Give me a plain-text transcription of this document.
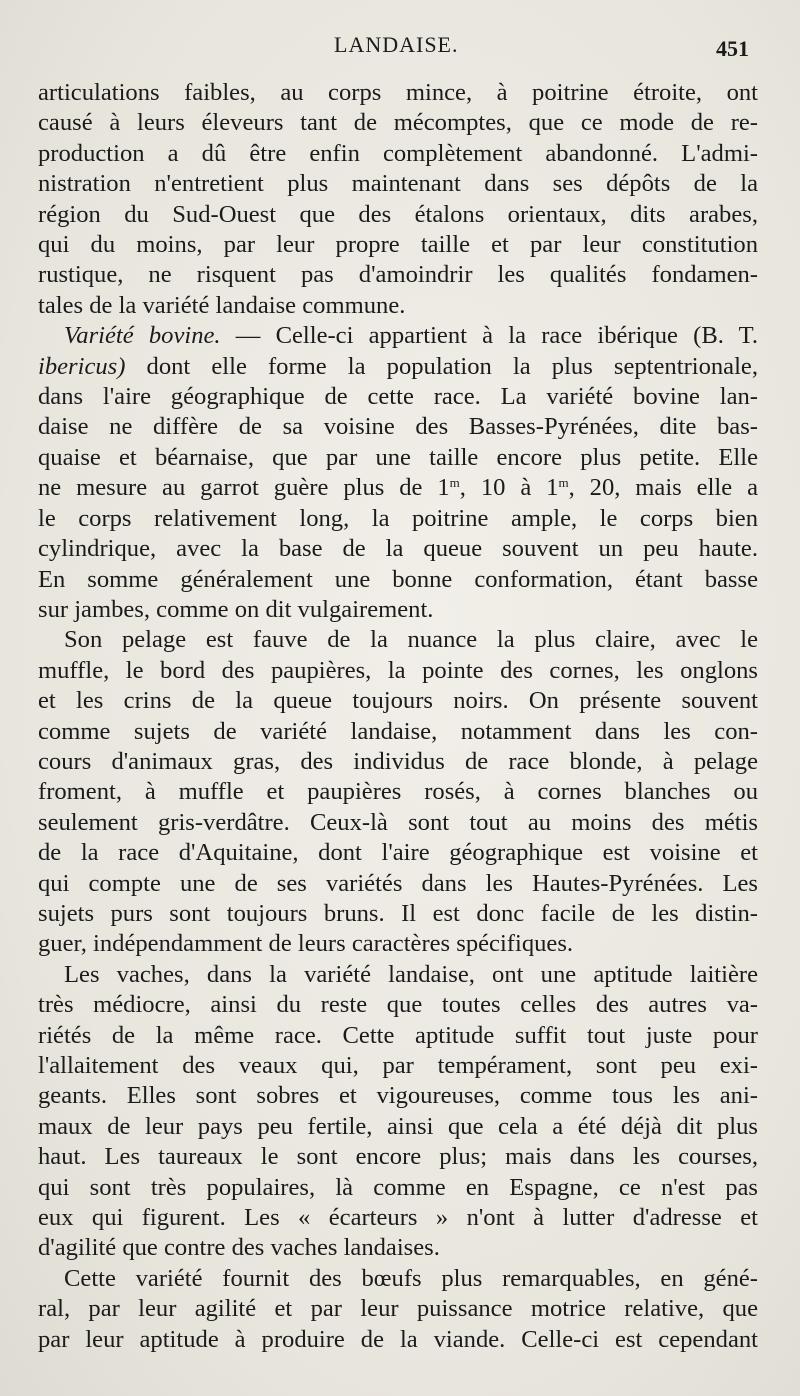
LANDAISE.	451
articulations faibles, au corps mince, à poitrine étroite, ont
causé à leurs éleveurs tant de mécomptes, que ce mode de re-
production a dû être enfin complètement abandonné. L'admi-
nistration n'entretient plus maintenant dans ses dépôts de la
région du Sud-Ouest que des étalons orientaux, dits arabes,
qui du moins, par leur propre taille et par leur constitution
rustique, ne risquent pas d'amoindrir les qualités fondamen-
tales de la variété landaise commune.
Variété bovine. — Celle-ci appartient à la race ibérique (B. T.
ibericus) dont elle forme la population la plus septentrionale,
dans l'aire géographique de cette race. La variété bovine lan-
daise ne diffère de sa voisine des Basses-Pyrénées, dite bas-
quaise et béarnaise, que par une taille encore plus petite. Elle
ne mesure au garrot guère plus de 1$^m$, 10 à 1$^m$, 20, mais elle a
le corps relativement long, la poitrine ample, le corps bien
cylindrique, avec la base de la queue souvent un peu haute.
En somme généralement une bonne conformation, étant basse
sur jambes, comme on dit vulgairement.
Son pelage est fauve de la nuance la plus claire, avec le
muffle, le bord des paupières, la pointe des cornes, les onglons
et les crins de la queue toujours noirs. On présente souvent
comme sujets de variété landaise, notamment dans les con-
cours d'animaux gras, des individus de race blonde, à pelage
froment, à muffle et paupières rosés, à cornes blanches ou
seulement gris-verdâtre. Ceux-là sont tout au moins des métis
de la race d'Aquitaine, dont l'aire géographique est voisine et
qui compte une de ses variétés dans les Hautes-Pyrénées. Les
sujets purs sont toujours bruns. Il est donc facile de les distin-
guer, indépendamment de leurs caractères spécifiques.
Les vaches, dans la variété landaise, ont une aptitude laitière
très médiocre, ainsi du reste que toutes celles des autres va-
riétés de la même race. Cette aptitude suffit tout juste pour
l'allaitement des veaux qui, par tempérament, sont peu exi-
geants. Elles sont sobres et vigoureuses, comme tous les ani-
maux de leur pays peu fertile, ainsi que cela a été déjà dit plus
haut. Les taureaux le sont encore plus; mais dans les courses,
qui sont très populaires, là comme en Espagne, ce n'est pas
eux qui figurent. Les « écarteurs » n'ont à lutter d'adresse et
d'agilité que contre des vaches landaises.
Cette variété fournit des bœufs plus remarquables, en géné-
ral, par leur agilité et par leur puissance motrice relative, que
par leur aptitude à produire de la viande. Celle-ci est cependant
